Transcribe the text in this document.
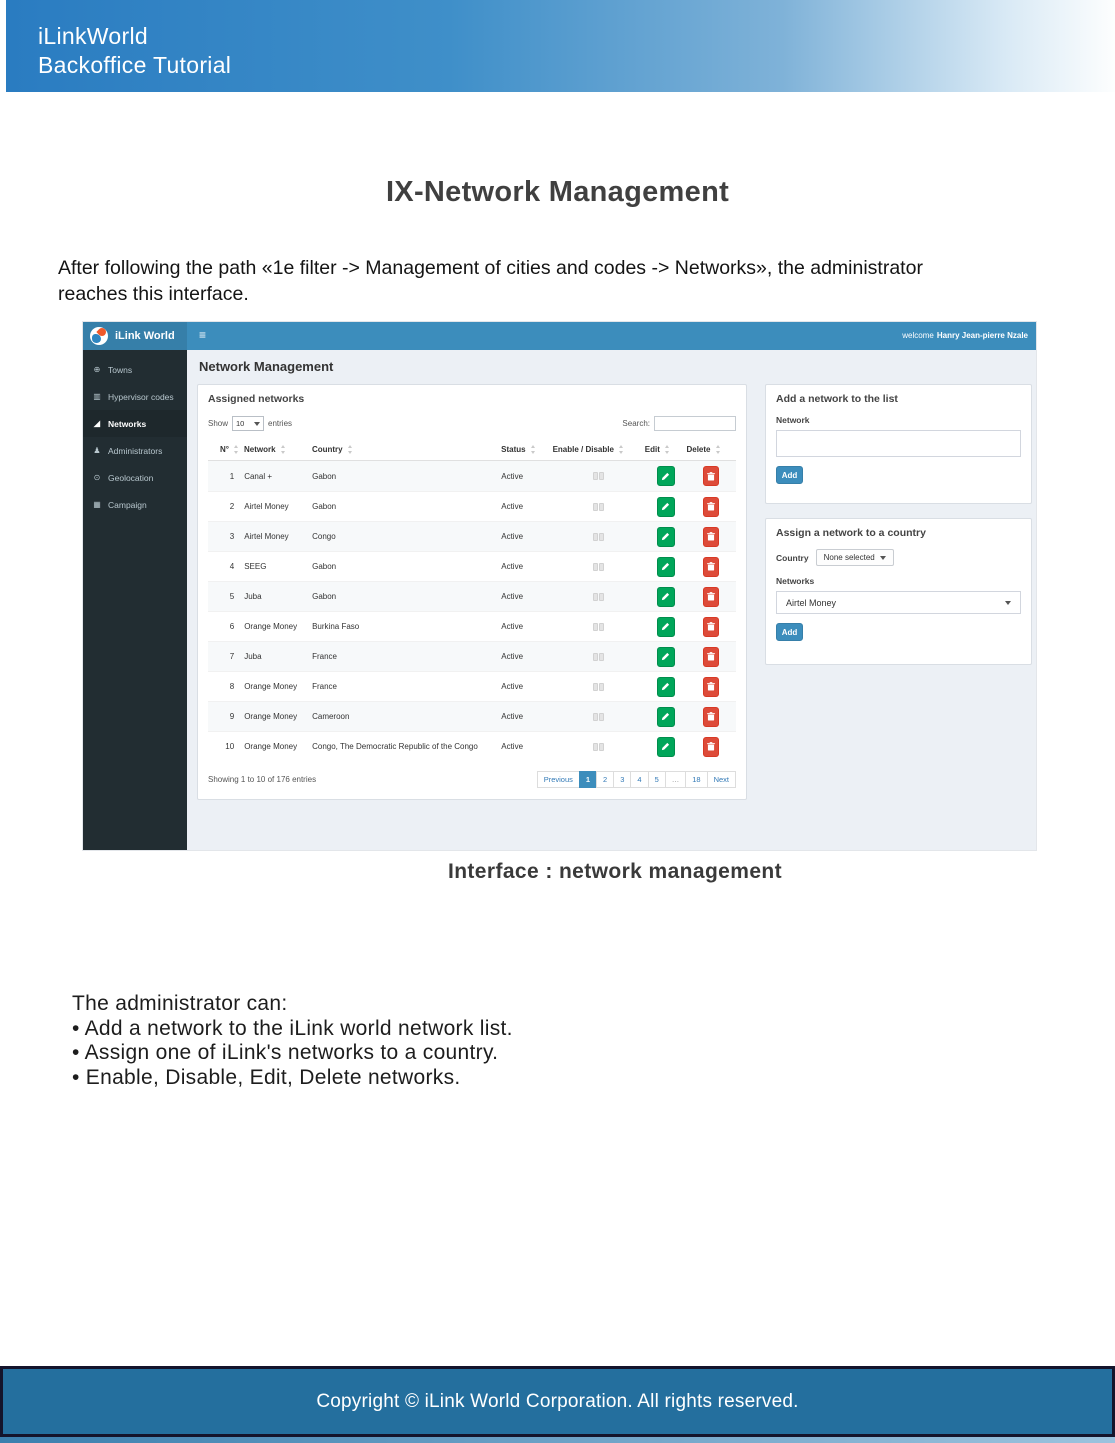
iLinkWorld
Backoffice Tutorial
IX-Network Management
After following the path «1e filter -> Management of cities and codes -> Networks», the administrator
reaches this interface.
≡	welcome Hanry Jean-pierre Nzale
iLink World
⊕ Towns
▥ Hypervisor codes
◢ Networks
♟ Administrators
⊙ Geolocation
▦ Campaign
Network Management
Assigned networks
Show 10	entries	Search:
N° Network	Country	Status	Enable / Disable	Edit	Delete
1	Canal +	Gabon	Active
2	Airtel Money	Gabon	Active
3	Airtel Money	Congo	Active
4	SEEG	Gabon	Active
5	Juba	Gabon	Active
6	Orange Money	Burkina Faso	Active
7	Juba	France	Active
8	Orange Money	France	Active
9	Orange Money	Cameroon	Active
10	Orange Money	Congo, The Democratic Republic of the Congo	Active
Showing 1 to 10 of 176 entries	Previous	1	2	3	4	5	…	18	Next
Add a network to the list
Network
Add
Assign a network to a country
Country None selected
Networks
Airtel Money
Add
Interface : network management
The administrator can:
• Add a network to the iLink world network list.
• Assign one of iLink's networks to a country.
• Enable, Disable, Edit, Delete networks.
Copyright © iLink World Corporation. All rights reserved.
